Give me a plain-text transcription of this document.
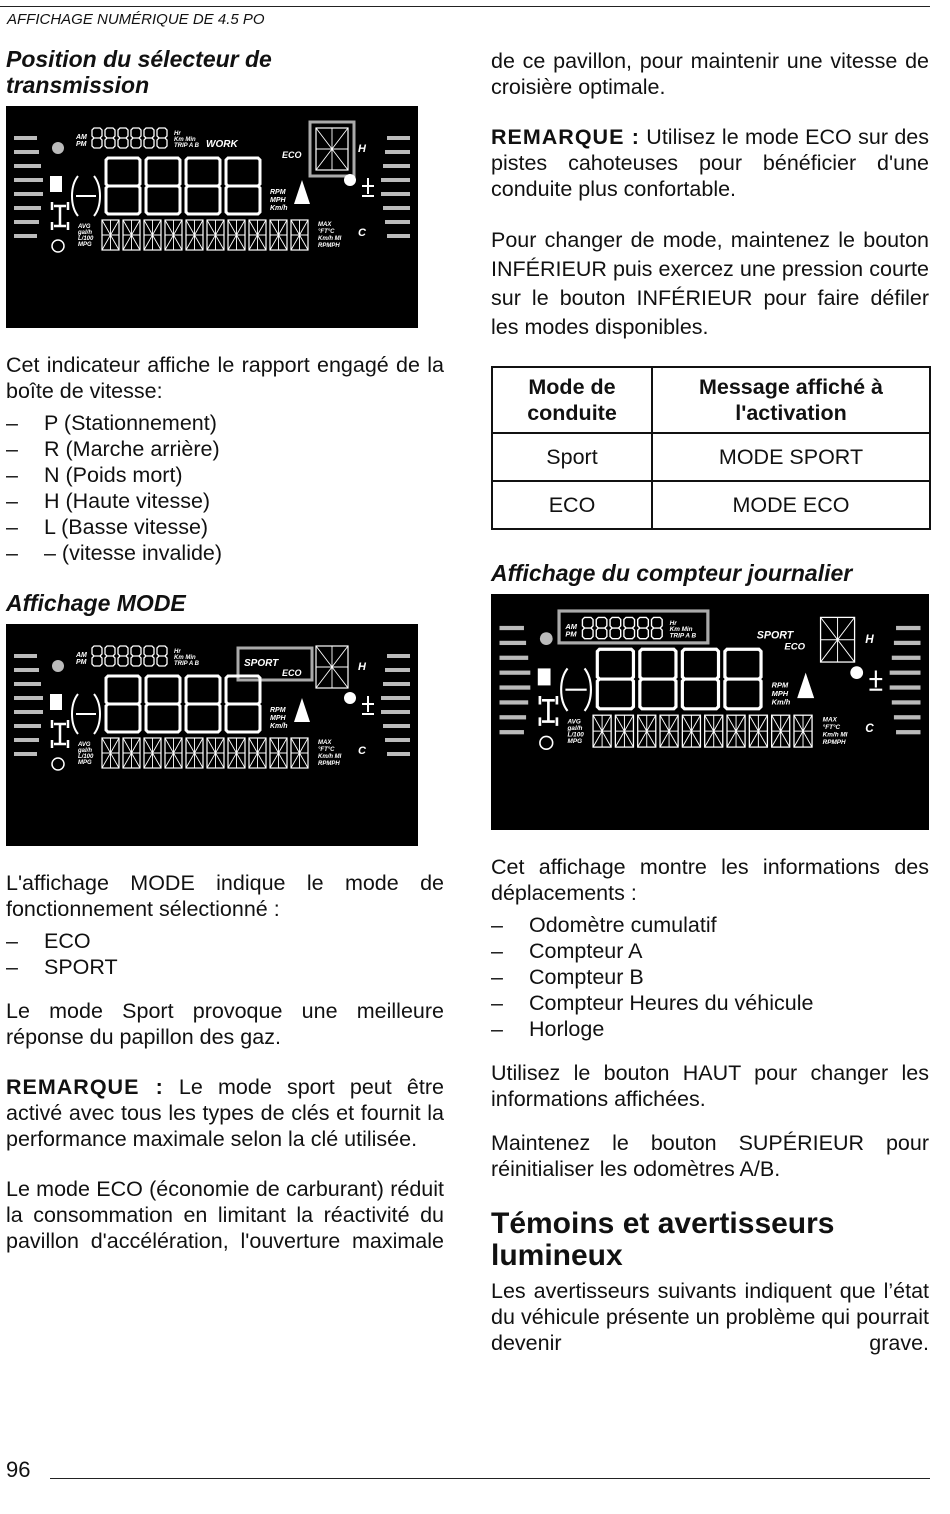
AFFICHAGE NUMÉRIQUE DE 4.5 PO
Position du sélecteur de
transmission
AM
PM
Hr
Km Min
TRIP A B WORK
ECO	H
C
RPM
MPH
Km/h
AVG
gal/h
L/100
MPG
MAX
°FT°C
Km/h MI
RPMPH

Cet indicateur affiche le rapport engagé de la boîte de vitesse:

– P (Stationnement)
– R (Marche arrière)
– N (Poids mort)
– H (Haute vitesse)
– L (Basse vitesse)
– – (vitesse invalide)
Affichage MODE
AM
PM
Hr
Km Min
TRIP A B	SPORT
ECO	H
C
RPM
MPH
Km/h
AVG
gal/h
L/100
MPG
MAX
°FT°C
Km/h MI
RPMPH

L'affichage MODE indique le mode de fonctionnement sélectionné :

– ECO
– SPORT

Le mode Sport provoque une meilleure réponse du papillon des gaz.

REMARQUE : Le mode sport peut être activé avec tous les types de clés et fournit la performance maximale selon la clé utilisée.

Le mode ECO (économie de carburant) réduit la consommation en limitant la réactivité du pavillon d'accélération, l'ouverture maximale

de ce pavillon, pour maintenir une vitesse de croisière optimale.

REMARQUE : Utilisez le mode ECO sur des pistes cahoteuses pour bénéficier d'une conduite plus confortable.

Pour changer de mode, maintenez le bouton INFÉRIEUR puis exercez une pression courte sur le bouton INFÉRIEUR pour faire défiler les modes disponibles.

Mode de conduite	Message affiché à l'activation
Sport	MODE SPORT
ECO	MODE ECO
Affichage du compteur journalier
AM
PM
Hr
Km Min
TRIP A B	SPORT
ECO
H
C
RPM
MPH
Km/h
AVG
gal/h
L/100
MPG
MAX
°FT°C
Km/h MI
RPMPH

Cet affichage montre les informations des déplacements :

– Odomètre cumulatif
– Compteur A
– Compteur B
– Compteur Heures du véhicule
– Horloge

Utilisez le bouton HAUT pour changer les informations affichées.

Maintenez le bouton SUPÉRIEUR pour réinitialiser les odomètres A/B.

Témoins et avertisseurs
lumineux

Les avertisseurs suivants indiquent que l’état du véhicule présente un problème qui pourrait devenir grave.

96
